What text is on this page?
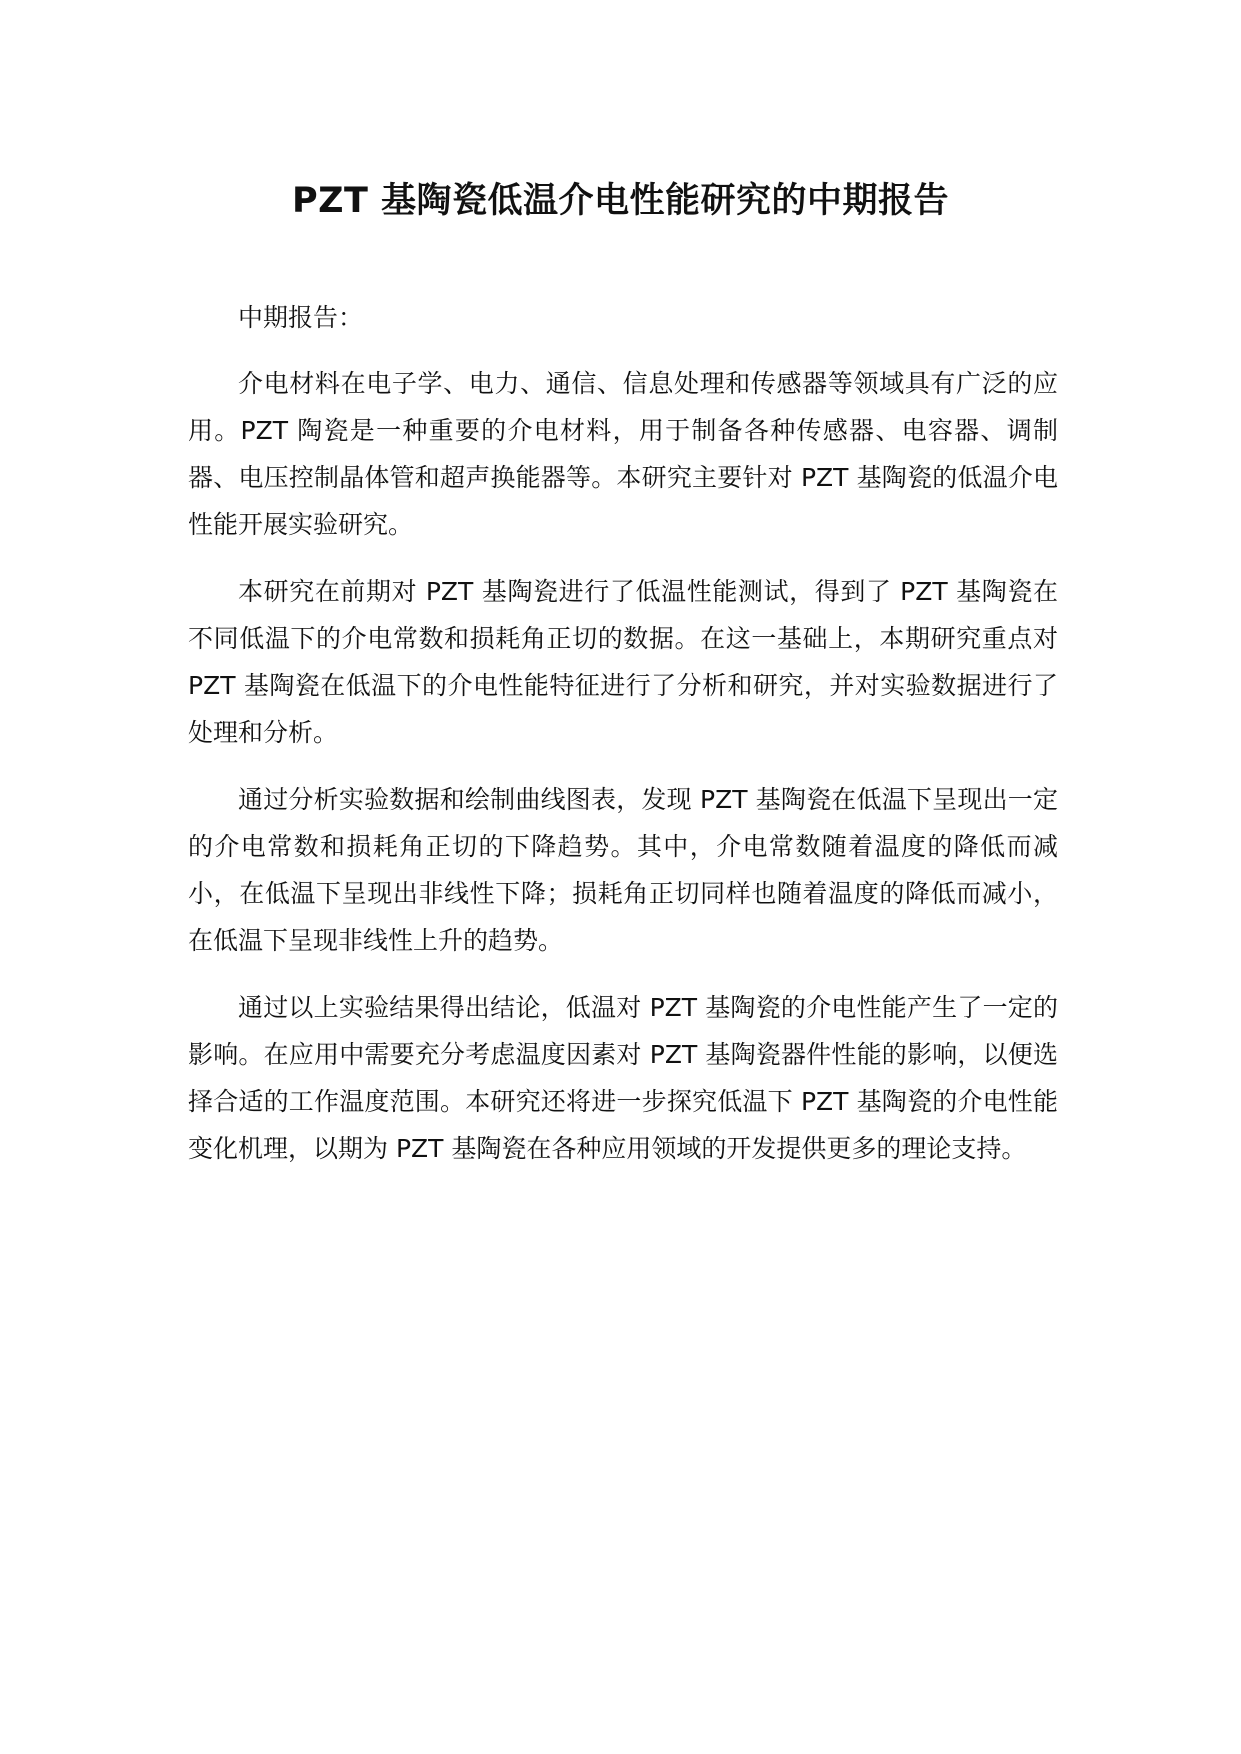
PZT 基陶瓷低温介电性能研究的中期报告

中期报告：

介电材料在电子学、电力、通信、信息处理和传感器等领域具有广泛的应用。PZT 陶瓷是一种重要的介电材料，用于制备各种传感器、电容器、调制器、电压控制晶体管和超声换能器等。本研究主要针对 PZT 基陶瓷的低温介电性能开展实验研究。

本研究在前期对 PZT 基陶瓷进行了低温性能测试，得到了 PZT 基陶瓷在不同低温下的介电常数和损耗角正切的数据。在这一基础上，本期研究重点对 PZT 基陶瓷在低温下的介电性能特征进行了分析和研究，并对实验数据进行了处理和分析。

通过分析实验数据和绘制曲线图表，发现 PZT 基陶瓷在低温下呈现出一定的介电常数和损耗角正切的下降趋势。其中，介电常数随着温度的降低而减小，在低温下呈现出非线性下降；损耗角正切同样也随着温度的降低而减小，在低温下呈现非线性上升的趋势。

通过以上实验结果得出结论，低温对 PZT 基陶瓷的介电性能产生了一定的影响。在应用中需要充分考虑温度因素对 PZT 基陶瓷器件性能的影响，以便选择合适的工作温度范围。本研究还将进一步探究低温下 PZT 基陶瓷的介电性能变化机理，以期为 PZT 基陶瓷在各种应用领域的开发提供更多的理论支持。
